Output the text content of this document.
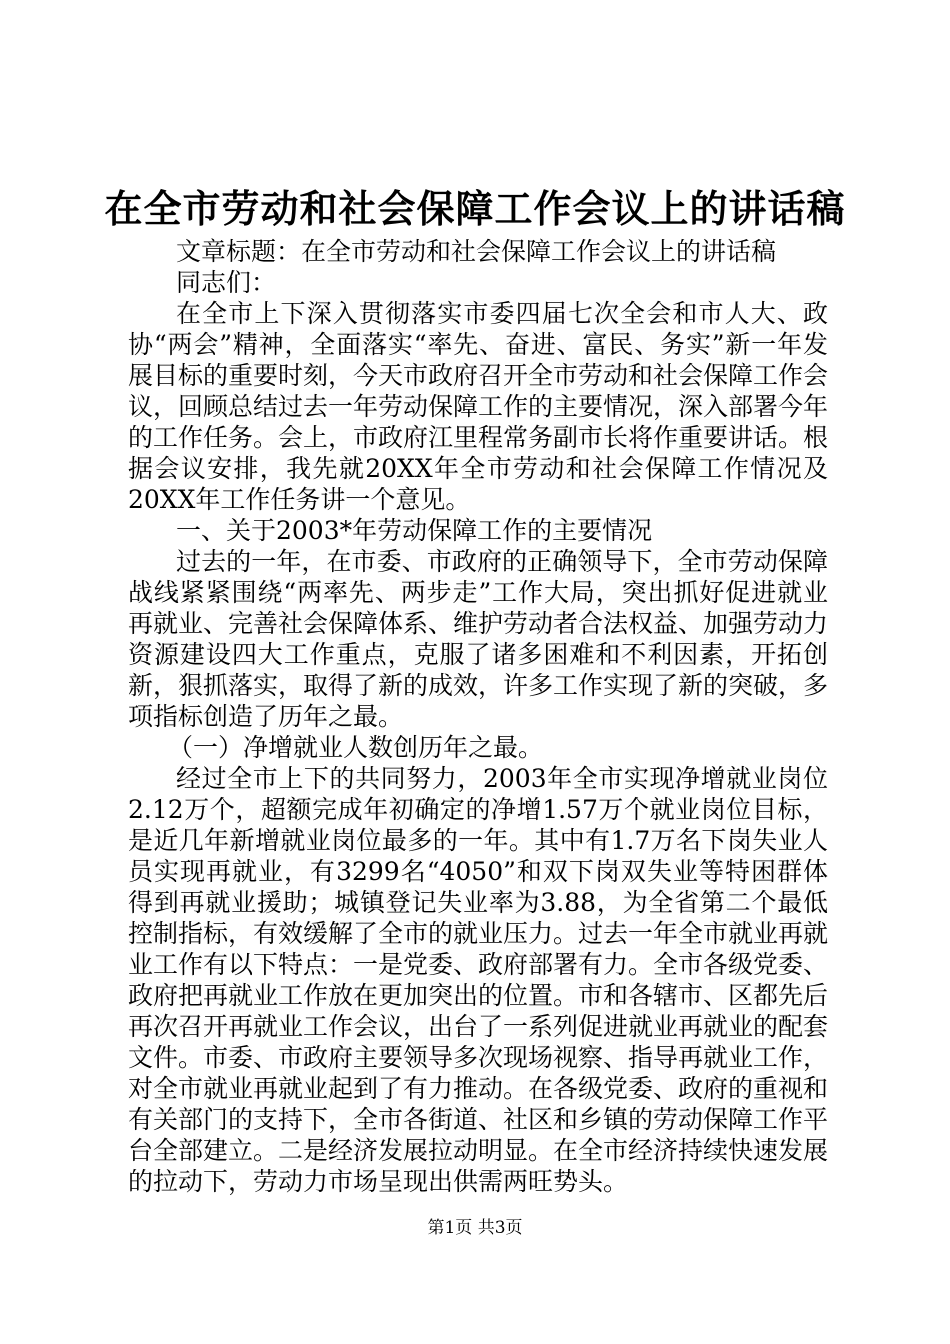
在全市劳动和社会保障工作会议上的讲话稿

文章标题：在全市劳动和社会保障工作会议上的讲话稿

同志们：

在全市上下深入贯彻落实市委四届七次全会和市人大、政协“两会”精神，全面落实“率先、奋进、富民、务实”新一年发展目标的重要时刻，今天市政府召开全市劳动和社会保障工作会议，回顾总结过去一年劳动保障工作的主要情况，深入部署今年的工作任务。会上，市政府江里程常务副市长将作重要讲话。根据会议安排，我先就20XX年全市劳动和社会保障工作情况及20XX年工作任务讲一个意见。

一、关于2003*年劳动保障工作的主要情况

过去的一年，在市委、市政府的正确领导下，全市劳动保障战线紧紧围绕“两率先、两步走”工作大局，突出抓好促进就业再就业、完善社会保障体系、维护劳动者合法权益、加强劳动力资源建设四大工作重点，克服了诸多困难和不利因素，开拓创新，狠抓落实，取得了新的成效，许多工作实现了新的突破，多项指标创造了历年之最。

（一）净增就业人数创历年之最。

经过全市上下的共同努力，2003年全市实现净增就业岗位2.12万个，超额完成年初确定的净增1.57万个就业岗位目标，是近几年新增就业岗位最多的一年。其中有1.7万名下岗失业人员实现再就业，有3299名“4050”和双下岗双失业等特困群体得到再就业援助；城镇登记失业率为3.88，为全省第二个最低控制指标，有效缓解了全市的就业压力。过去一年全市就业再就业工作有以下特点：一是党委、政府部署有力。全市各级党委、政府把再就业工作放在更加突出的位置。市和各辖市、区都先后再次召开再就业工作会议，出台了一系列促进就业再就业的配套文件。市委、市政府主要领导多次现场视察、指导再就业工作，对全市就业再就业起到了有力推动。在各级党委、政府的重视和有关部门的支持下，全市各街道、社区和乡镇的劳动保障工作平台全部建立。二是经济发展拉动明显。在全市经济持续快速发展的拉动下，劳动力市场呈现出供需两旺势头。

第1页 共3页
